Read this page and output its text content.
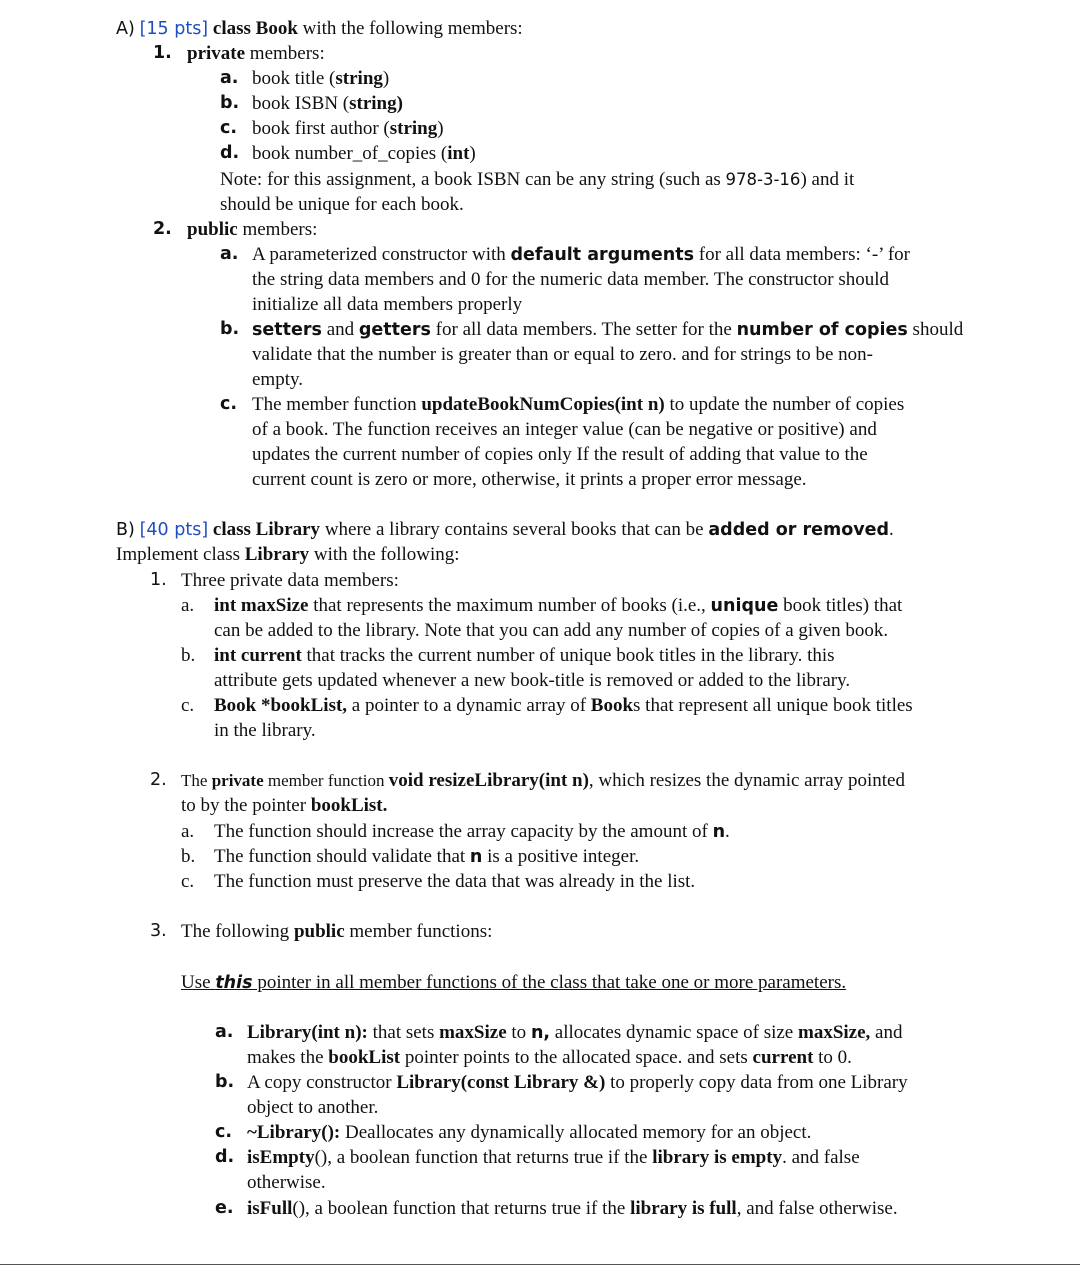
A) [15 pts] class Book with the following members:
1. private members:
a. book title (string)
b. book ISBN (string)
c. book first author (string)
d. book number_of_copies (int)
Note: for this assignment, a book ISBN can be any string (such as 978-3-16) and it
should be unique for each book.
2. public members:
a. A parameterized constructor with default arguments for all data members: ‘-’ for
the string data members and 0 for the numeric data member. The constructor should
initialize all data members properly
b. setters and getters for all data members. The setter for the number of copies should
validate that the number is greater than or equal to zero. and for strings to be non-
empty.
c. The member function updateBookNumCopies(int n) to update the number of copies
of a book. The function receives an integer value (can be negative or positive) and
updates the current number of copies only If the result of adding that value to the
current count is zero or more, otherwise, it prints a proper error message.
B) [40 pts] class Library where a library contains several books that can be added or removed.
Implement class Library with the following:
1. Three private data members:
a. int maxSize that represents the maximum number of books (i.e., unique book titles) that
can be added to the library. Note that you can add any number of copies of a given book.
b. int current that tracks the current number of unique book titles in the library. this
attribute gets updated whenever a new book-title is removed or added to the library.
c. Book *bookList, a pointer to a dynamic array of Books that represent all unique book titles
in the library.
2. The private member function void resizeLibrary(int n), which resizes the dynamic array pointed
to by the pointer bookList.
a. The function should increase the array capacity by the amount of n.
b. The function should validate that n is a positive integer.
c. The function must preserve the data that was already in the list.
3. The following public member functions:
Use this pointer in all member functions of the class that take one or more parameters.
a. Library(int n): that sets maxSize to n, allocates dynamic space of size maxSize, and
makes the bookList pointer points to the allocated space. and sets current to 0.
b. A copy constructor Library(const Library &) to properly copy data from one Library
object to another.
c. ~Library(): Deallocates any dynamically allocated memory for an object.
d. isEmpty(), a boolean function that returns true if the library is empty. and false
otherwise.
e. isFull(), a boolean function that returns true if the library is full, and false otherwise.
